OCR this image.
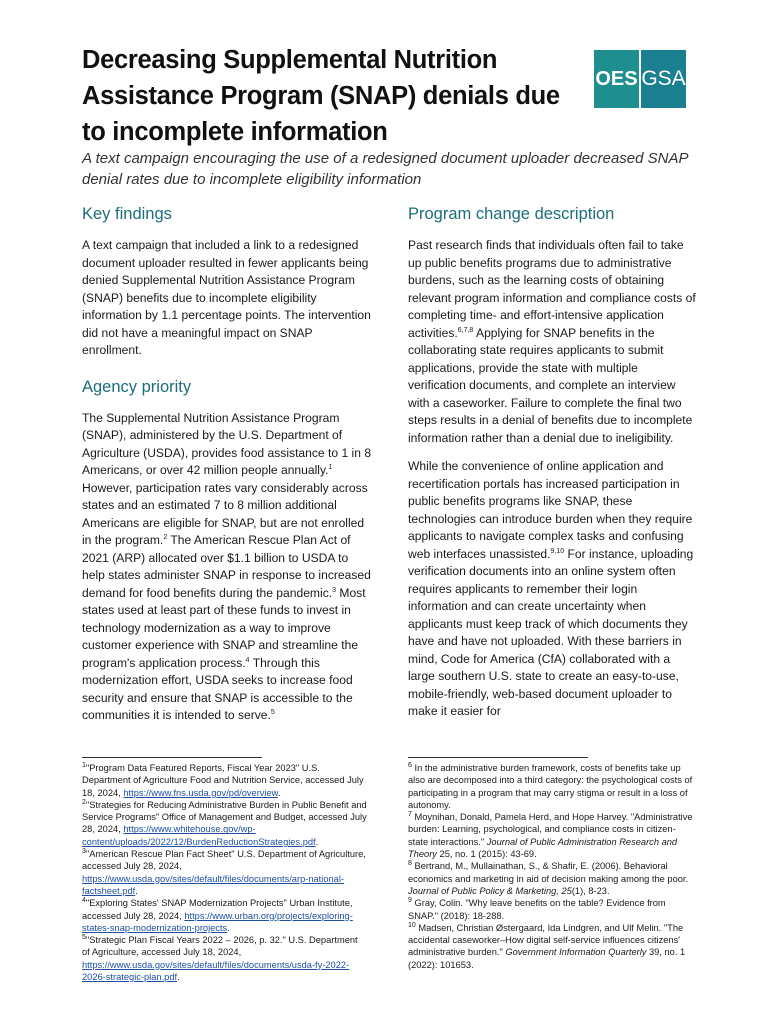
Decreasing Supplemental Nutrition Assistance Program (SNAP) denials due to incomplete information
OES GSA
A text campaign encouraging the use of a redesigned document uploader decreased SNAP denial rates due to incomplete eligibility information
Key findings

A text campaign that included a link to a redesigned document uploader resulted in fewer applicants being denied Supplemental Nutrition Assistance Program (SNAP) benefits due to incomplete eligibility information by 1.1 percentage points. The intervention did not have a meaningful impact on SNAP enrollment.

Agency priority

The Supplemental Nutrition Assistance Program (SNAP), administered by the U.S. Department of Agriculture (USDA), provides food assistance to 1 in 8 Americans, or over 42 million people annually.$^1$ However, participation rates vary considerably across states and an estimated 7 to 8 million additional Americans are eligible for SNAP, but are not enrolled in the program.$^2$ The American Rescue Plan Act of 2021 (ARP) allocated over $1.1 billion to USDA to help states administer SNAP in response to increased demand for food benefits during the pandemic.$^3$ Most states used at least part of these funds to invest in technology modernization as a way to improve customer experience with SNAP and streamline the program's application process.$^4$ Through this modernization effort, USDA seeks to increase food security and ensure that SNAP is accessible to the communities it is intended to serve.$^5$

Program change description

Past research finds that individuals often fail to take up public benefits programs due to administrative burdens, such as the learning costs of obtaining relevant program information and compliance costs of completing time- and effort-intensive application activities.$^{6,7,8}$ Applying for SNAP benefits in the collaborating state requires applicants to submit applications, provide the state with multiple verification documents, and complete an interview with a caseworker. Failure to complete the final two steps results in a denial of benefits due to incomplete information rather than a denial due to ineligibility.

While the convenience of online application and recertification portals has increased participation in public benefits programs like SNAP, these technologies can introduce burden when they require applicants to navigate complex tasks and confusing web interfaces unassisted.$^{9,10}$ For instance, uploading verification documents into an online system often requires applicants to remember their login information and can create uncertainty when applicants must keep track of which documents they have and have not uploaded. With these barriers in mind, Code for America (CfA) collaborated with a large southern U.S. state to create an easy-to-use, mobile-friendly, web-based document uploader to make it easier for

$^1$"Program Data Featured Reports, Fiscal Year 2023" U.S. Department of Agriculture Food and Nutrition Service, accessed July 18, 2024, https://www.fns.usda.gov/pd/overview.
$^2$"Strategies for Reducing Administrative Burden in Public Benefit and Service Programs" Office of Management and Budget, accessed July 28, 2024, https://www.whitehouse.gov/wp-content/uploads/2022/12/BurdenReductionStrategies.pdf.
$^3$"American Rescue Plan Fact Sheet" U.S. Department of Agriculture, accessed July 28, 2024, https://www.usda.gov/sites/default/files/documents/arp-national-factsheet.pdf.
$^4$"Exploring States' SNAP Modernization Projects" Urban Institute, accessed July 28, 2024, https://www.urban.org/projects/exploring-states-snap-modernization-projects.
$^5$"Strategic Plan Fiscal Years 2022 – 2026, p. 32." U.S. Department of Agriculture, accessed July 18, 2024, https://www.usda.gov/sites/default/files/documents/usda-fy-2022-2026-strategic-plan.pdf.
$^6$ In the administrative burden framework, costs of benefits take up also are decomposed into a third category: the psychological costs of participating in a program that may carry stigma or result in a loss of autonomy.
$^7$ Moynihan, Donald, Pamela Herd, and Hope Harvey. "Administrative burden: Learning, psychological, and compliance costs in citizen-state interactions." Journal of Public Administration Research and Theory 25, no. 1 (2015): 43-69.
$^8$ Bertrand, M., Mullainathan, S., & Shafir, E. (2006). Behavioral economics and marketing in aid of decision making among the poor. Journal of Public Policy & Marketing, 25(1), 8-23.
$^9$ Gray, Colin. "Why leave benefits on the table? Evidence from SNAP." (2018): 18-288.
$^{10}$ Madsen, Christian Østergaard, Ida Lindgren, and Ulf Melin. "The accidental caseworker–How digital self-service influences citizens' administrative burden." Government Information Quarterly 39, no. 1 (2022): 101653.
